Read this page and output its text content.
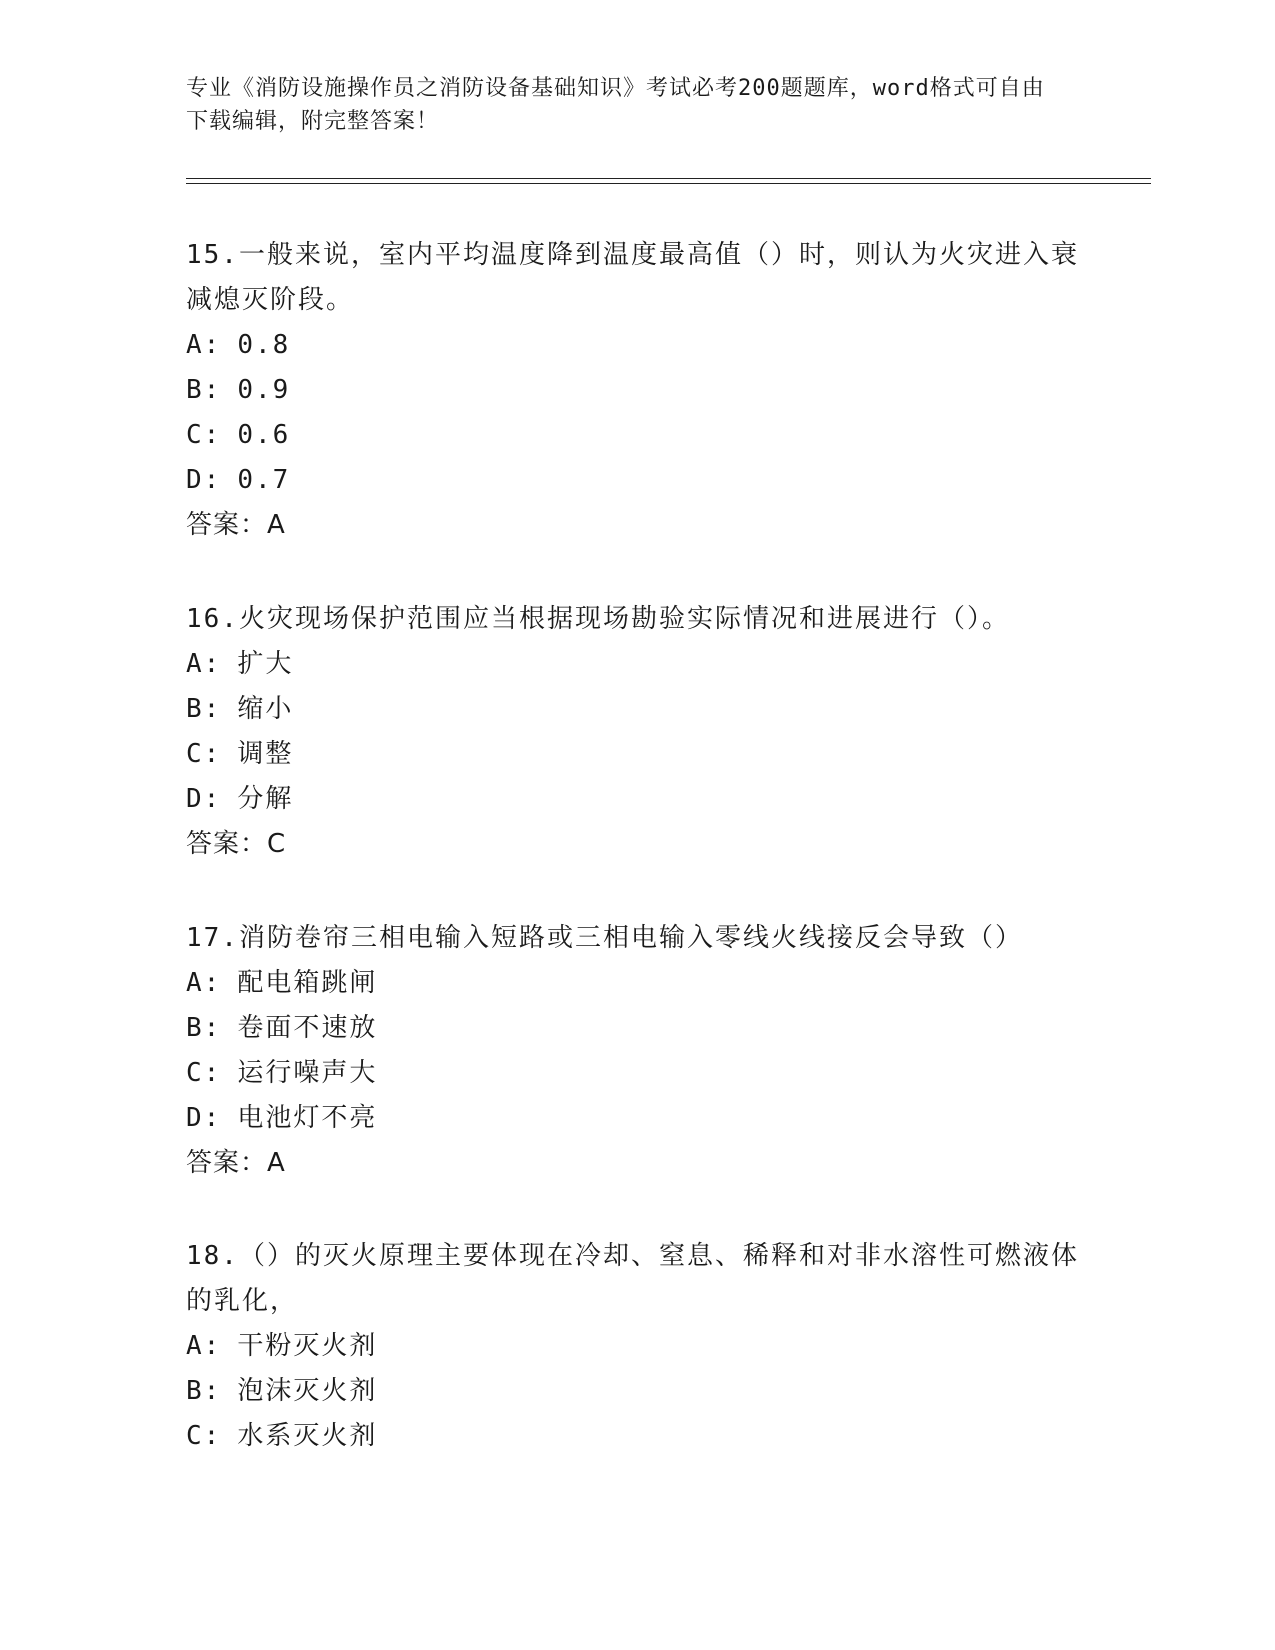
专业《消防设施操作员之消防设备基础知识》考试必考200题题库，word格式可自由下载编辑，附完整答案！

15.一般来说，室内平均温度降到温度最高值（）时，则认为火灾进入衰减熄灭阶段。

A: 0.8

B: 0.9

C: 0.6

D: 0.7

答案：A

16.火灾现场保护范围应当根据现场勘验实际情况和进展进行（）。

A: 扩大

B: 缩小

C: 调整

D: 分解

答案：C

17.消防卷帘三相电输入短路或三相电输入零线火线接反会导致（）

A: 配电箱跳闸

B: 卷面不速放

C: 运行噪声大

D: 电池灯不亮

答案：A

18.（）的灭火原理主要体现在冷却、窒息、稀释和对非水溶性可燃液体的乳化，

A: 干粉灭火剂

B: 泡沫灭火剂

C: 水系灭火剂
